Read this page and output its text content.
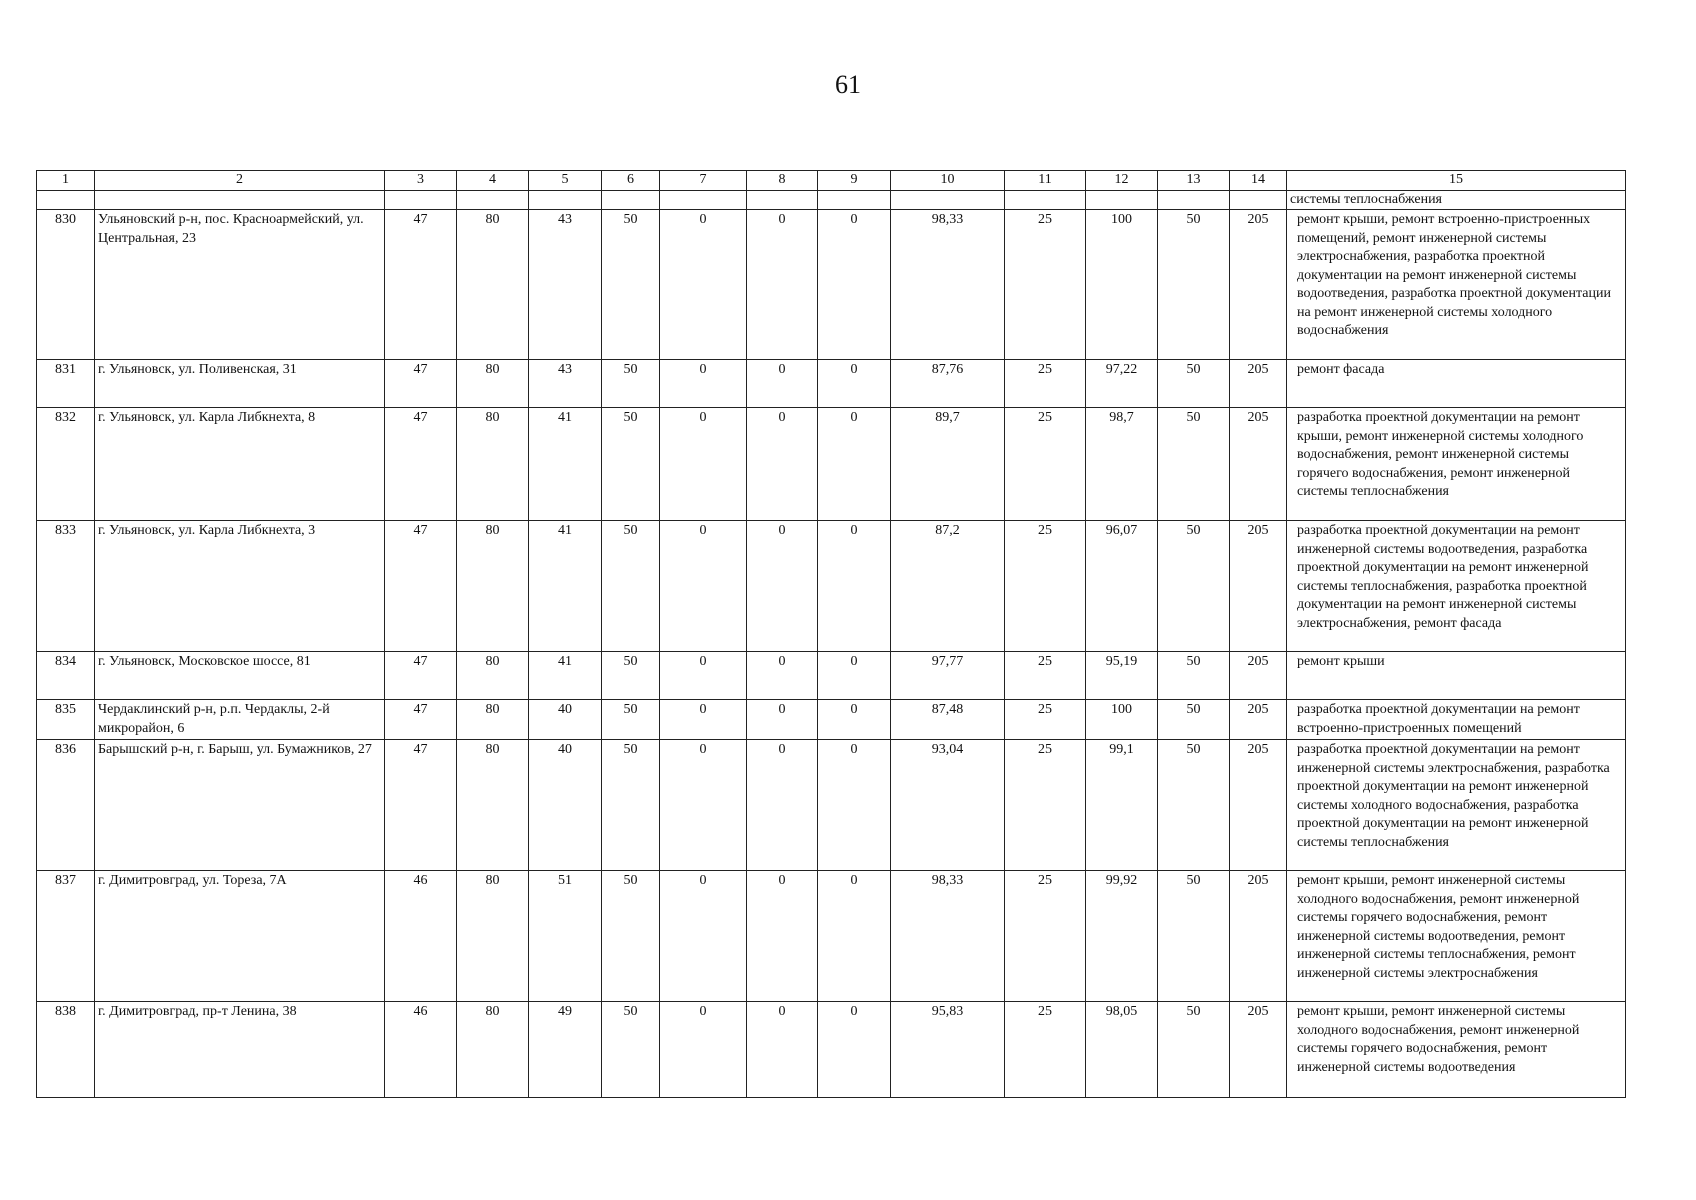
61
1	2	3	4	5	6	7	8	9	10	11	12	13	14	15
														системы теплоснабжения
830	Ульяновский р-н, пос. Красноармейский, ул. Центральная, 23	47	80	43	50	0	0	0	98,33	25	100	50	205	ремонт крыши, ремонт встроенно-пристроенных помещений, ремонт инженерной системы электроснабжения, разработка проектной документации на ремонт инженерной системы водоотведения, разработка проектной документации на ремонт инженерной системы холодного водоснабжения
831	г. Ульяновск, ул. Поливенская, 31	47	80	43	50	0	0	0	87,76	25	97,22	50	205	ремонт фасада
832	г. Ульяновск, ул. Карла Либкнехта, 8	47	80	41	50	0	0	0	89,7	25	98,7	50	205	разработка проектной документации на ремонт крыши, ремонт инженерной системы холодного водоснабжения, ремонт инженерной системы горячего водоснабжения, ремонт инженерной системы теплоснабжения
833	г. Ульяновск, ул. Карла Либкнехта, 3	47	80	41	50	0	0	0	87,2	25	96,07	50	205	разработка проектной документации на ремонт инженерной системы водоотведения, разработка проектной документации на ремонт инженерной системы теплоснабжения, разработка проектной документации на ремонт инженерной системы электроснабжения, ремонт фасада
834	г. Ульяновск, Московское шоссе, 81	47	80	41	50	0	0	0	97,77	25	95,19	50	205	ремонт крыши
835	Чердаклинский р-н, р.п. Чердаклы, 2-й микрорайон, 6	47	80	40	50	0	0	0	87,48	25	100	50	205	разработка проектной документации на ремонт встроенно-пристроенных помещений
836	Барышский р-н, г. Барыш, ул. Бумажников, 27	47	80	40	50	0	0	0	93,04	25	99,1	50	205	разработка проектной документации на ремонт инженерной системы электроснабжения, разработка проектной документации на ремонт инженерной системы холодного водоснабжения, разработка проектной документации на ремонт инженерной системы теплоснабжения
837	г. Димитровград, ул. Тореза, 7А	46	80	51	50	0	0	0	98,33	25	99,92	50	205	ремонт крыши, ремонт инженерной системы холодного водоснабжения, ремонт инженерной системы горячего водоснабжения, ремонт инженерной системы водоотведения, ремонт инженерной системы теплоснабжения, ремонт инженерной системы электроснабжения
838	г. Димитровград, пр-т Ленина, 38	46	80	49	50	0	0	0	95,83	25	98,05	50	205	ремонт крыши, ремонт инженерной системы холодного водоснабжения, ремонт инженерной системы горячего водоснабжения, ремонт инженерной системы водоотведения
